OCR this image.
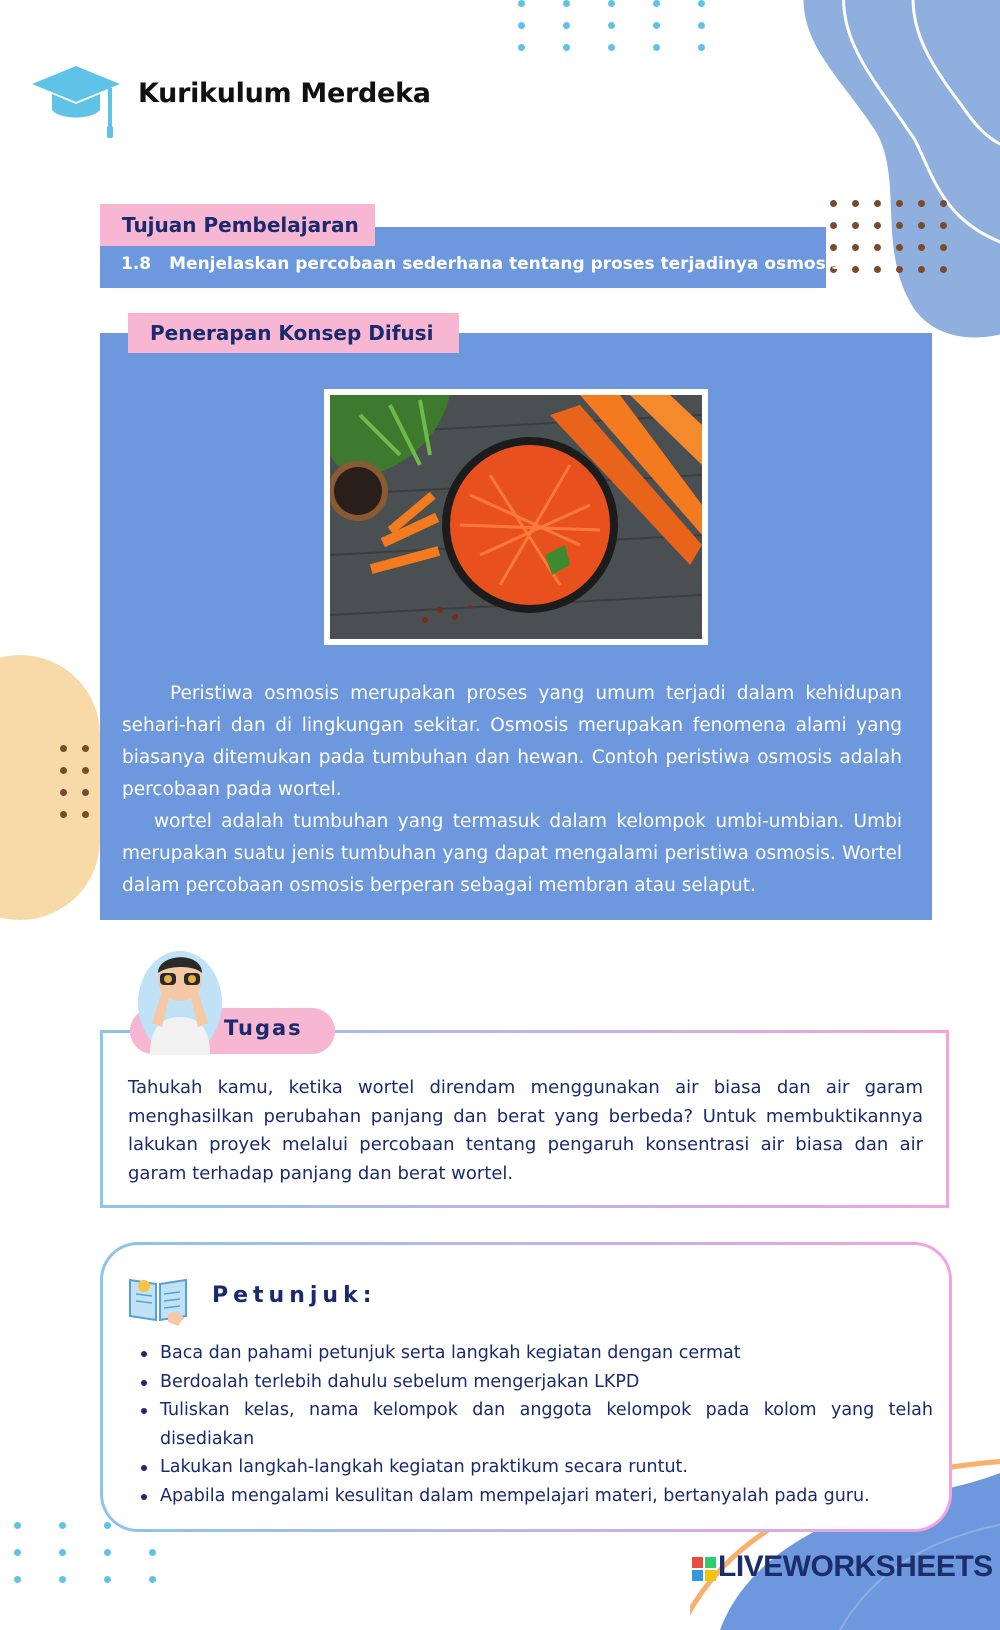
Kurikulum Merdeka
Tujuan Pembelajaran
1.8 Menjelaskan percobaan sederhana tentang proses terjadinya osmosis
Penerapan Konsep Difusi

Peristiwa osmosis merupakan proses yang umum terjadi dalam kehidupan sehari-hari dan di lingkungan sekitar. Osmosis merupakan fenomena alami yang biasanya ditemukan pada tumbuhan dan hewan. Contoh peristiwa osmosis adalah percobaan pada wortel.

wortel adalah tumbuhan yang termasuk dalam kelompok umbi-umbian. Umbi merupakan suatu jenis tumbuhan yang dapat mengalami peristiwa osmosis. Wortel dalam percobaan osmosis berperan sebagai membran atau selaput.

Tugas

Tahukah kamu, ketika wortel direndam menggunakan air biasa dan air garam menghasilkan perubahan panjang dan berat yang berbeda? Untuk membuktikannya lakukan proyek melalui percobaan tentang pengaruh konsentrasi air biasa dan air garam terhadap panjang dan berat wortel.

Petunjuk:
Baca dan pahami petunjuk serta langkah kegiatan dengan cermat
Berdoalah terlebih dahulu sebelum mengerjakan LKPD
Tuliskan kelas, nama kelompok dan anggota kelompok pada kolom yang telah disediakan
Lakukan langkah-langkah kegiatan praktikum secara runtut.
Apabila mengalami kesulitan dalam mempelajari materi, bertanyalah pada guru.
LIVEWORKSHEETS
